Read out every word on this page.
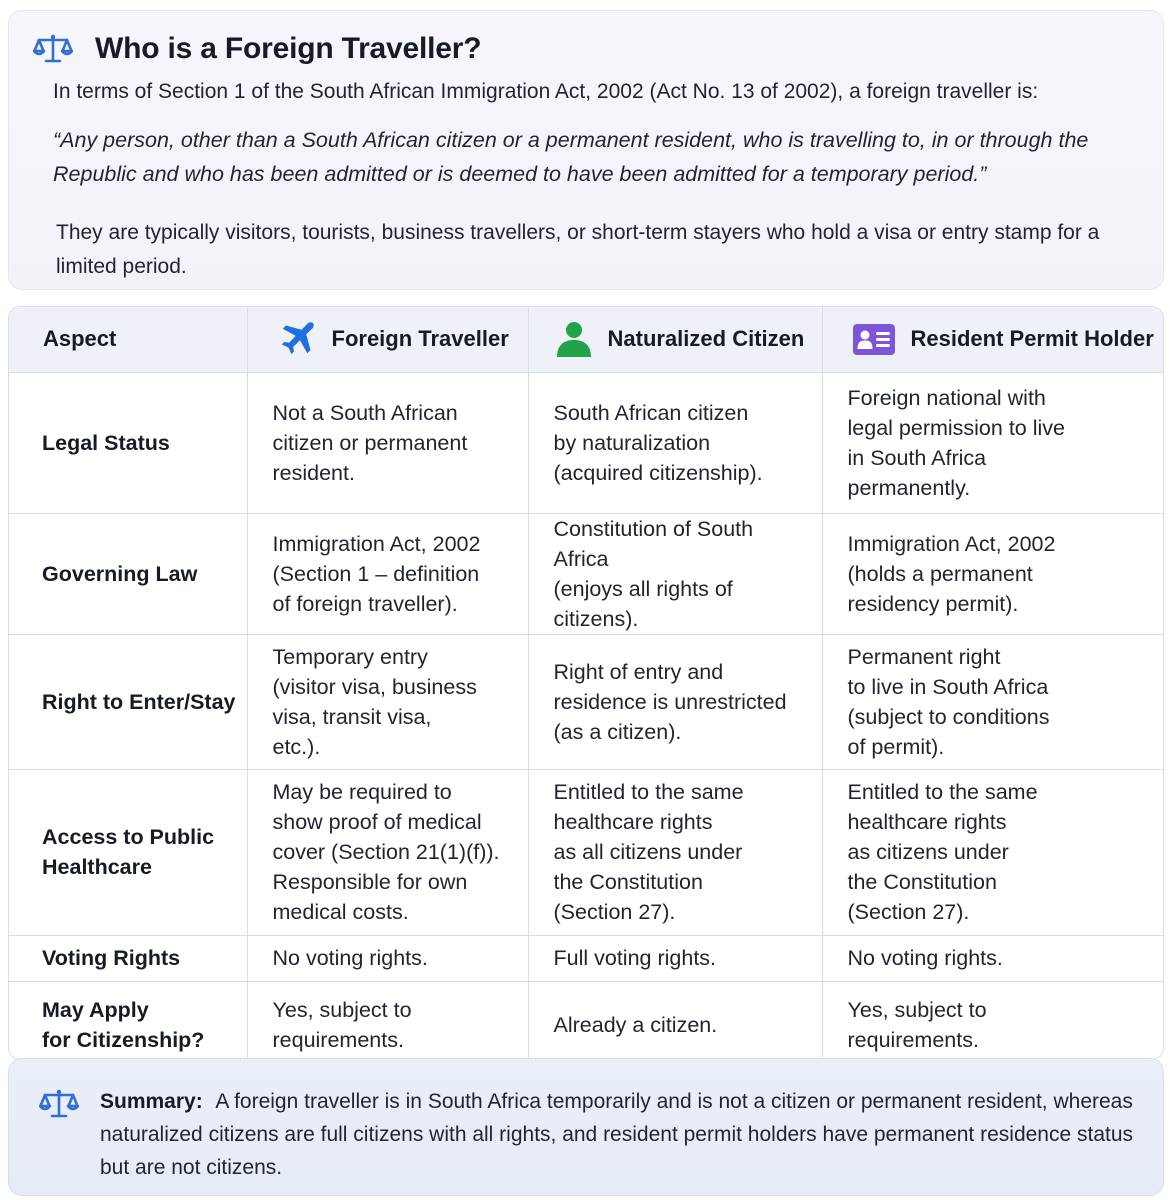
Who is a Foreign Traveller?
In terms of Section 1 of the South African Immigration Act, 2002 (Act No. 13 of 2002), a foreign traveller is:
“Any person, other than a South African citizen or a permanent resident, who is travelling to, in or through the Republic and who has been admitted or is deemed to have been admitted for a temporary period.”
They are typically visitors, tourists, business travellers, or short-term stayers who hold a visa or entry stamp for a limited period.
Aspect	Foreign Traveller	Naturalized Citizen	Resident Permit Holder

Legal Status	Not a South African
citizen or permanent
resident.	South African citizen
by naturalization
(acquired citizenship).	Foreign national with
legal permission to live
in South Africa
permanently.

Governing Law	Immigration Act, 2002
(Section 1 – definition
of foreign traveller).	Constitution of South Africa
(enjoys all rights of
citizens).	Immigration Act, 2002
(holds a permanent
residency permit).

Right to Enter/Stay	Temporary entry
(visitor visa, business
visa, transit visa,
etc.).	Right of entry and
residence is unrestricted
(as a citizen).	Permanent right
to live in South Africa
(subject to conditions
of permit).

Access to Public
Healthcare	May be required to
show proof of medical
cover (Section 21(1)(f)).
Responsible for own
medical costs.	Entitled to the same
healthcare rights
as all citizens under
the Constitution
(Section 27).	Entitled to the same
healthcare rights
as citizens under
the Constitution
(Section 27).

Voting Rights	No voting rights.	Full voting rights.	No voting rights.

May Apply
for Citizenship?	Yes, subject to
requirements.	Already a citizen.	Yes, subject to
requirements.
Summary: A foreign traveller is in South Africa temporarily and is not a citizen or permanent resident, whereas naturalized citizens are full citizens with all rights, and resident permit holders have permanent residence status but are not citizens.
